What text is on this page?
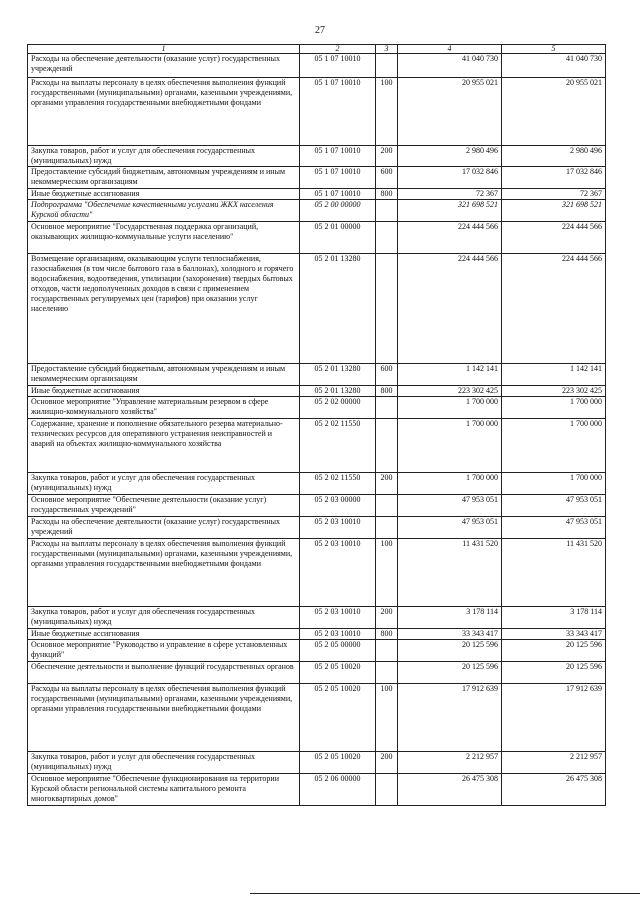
27
1	2	3	4	5
Расходы на обеспечение деятельности (оказание услуг) государственных учреждений	05 1 07 10010		41 040 730	41 040 730
Расходы на выплаты персоналу в целях обеспечения выполнения функций государственными (муниципальными) органами, казенными учреждениями, органами управления государственными внебюджетными фондами	05 1 07 10010	100	20 955 021	20 955 021
Закупка товаров, работ и услуг для обеспечения государственных (муниципальных) нужд	05 1 07 10010	200	2 980 496	2 980 496
Предоставление субсидий бюджетным, автономным учреждениям и иным некоммерческим организациям	05 1 07 10010	600	17 032 846	17 032 846
Иные бюджетные ассигнования	05 1 07 10010	800	72 367	72 367
Подпрограмма "Обеспечение качественными услугами ЖКХ населения Курской области"	05 2 00 00000		321 698 521	321 698 521
Основное мероприятие "Государственная поддержка организаций, оказывающих жилищно-коммунальные услуги населению"	05 2 01 00000		224 444 566	224 444 566
Возмещение организациям, оказывающим услуги теплоснабжения, газоснабжения (в том числе бытового газа в баллонах), холодного и горячего водоснабжения, водоотведения, утилизации (захоронения) твердых бытовых отходов, части недополученных доходов в связи с применением государственных регулируемых цен (тарифов) при оказании услуг населению	05 2 01 13280		224 444 566	224 444 566
Предоставление субсидий бюджетным, автономным учреждениям и иным некоммерческим организациям	05 2 01 13280	600	1 142 141	1 142 141
Иные бюджетные ассигнования	05 2 01 13280	800	223 302 425	223 302 425
Основное мероприятие "Управление материальным резервом в сфере жилищно-коммунального хозяйства"	05 2 02 00000		1 700 000	1 700 000
Содержание, хранение и пополнение обязательного резерва материально-технических ресурсов для оперативного устранения неисправностей и аварий на объектах жилищно-коммунального хозяйства	05 2 02 11550		1 700 000	1 700 000
Закупка товаров, работ и услуг для обеспечения государственных (муниципальных) нужд	05 2 02 11550	200	1 700 000	1 700 000
Основное мероприятие "Обеспечение деятельности (оказание услуг) государственных учреждений"	05 2 03 00000		47 953 051	47 953 051
Расходы на обеспечение деятельности (оказание услуг) государственных учреждений	05 2 03 10010		47 953 051	47 953 051
Расходы на выплаты персоналу в целях обеспечения выполнения функций государственными (муниципальными) органами, казенными учреждениями, органами управления государственными внебюджетными фондами	05 2 03 10010	100	11 431 520	11 431 520
Закупка товаров, работ и услуг для обеспечения государственных (муниципальных) нужд	05 2 03 10010	200	3 178 114	3 178 114
Иные бюджетные ассигнования	05 2 03 10010	800	33 343 417	33 343 417
Основное мероприятие "Руководство и управление в сфере установленных функций"	05 2 05 00000		20 125 596	20 125 596
Обеспечение деятельности и выполнение функций государственных органов	05 2 05 10020		20 125 596	20 125 596
Расходы на выплаты персоналу в целях обеспечения выполнения функций государственными (муниципальными) органами, казенными учреждениями, органами управления государственными внебюджетными фондами	05 2 05 10020	100	17 912 639	17 912 639
Закупка товаров, работ и услуг для обеспечения государственных (муниципальных) нужд	05 2 05 10020	200	2 212 957	2 212 957
Основное мероприятие "Обеспечение функционирования на территории Курской области региональной системы капитального ремонта многоквартирных домов"	05 2 06 00000		26 475 308	26 475 308
